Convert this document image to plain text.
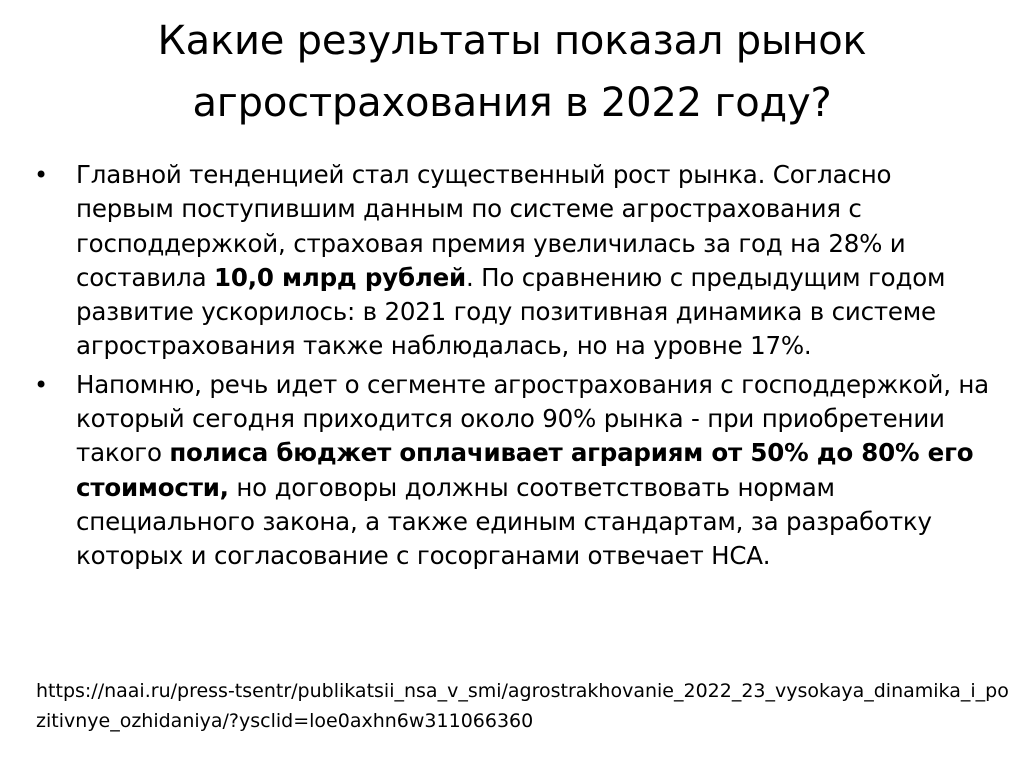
Какие результаты показал рынок агрострахования в 2022 году?
• Главной тенденцией стал существенный рост рынка. Согласно первым поступившим данным по системе агрострахования с господдержкой, страховая премия увеличилась за год на 28% и составила 10,0 млрд рублей. По сравнению с предыдущим годом развитие ускорилось: в 2021 году позитивная динамика в системе агрострахования также наблюдалась, но на уровне 17%.
• Напомню, речь идет о сегменте агрострахования с господдержкой, на который сегодня приходится около 90% рынка - при приобретении такого полиса бюджет оплачивает аграриям от 50% до 80% его стоимости, но договоры должны соответствовать нормам специального закона, а также единым стандартам, за разработку которых и согласование с госорганами отвечает НСА.
https://naai.ru/press-tsentr/publikatsii_nsa_v_smi/agrostrakhovanie_2022_23_vysokaya_dinamika_i_pozitivnye_ozhidaniya/?ysclid=loe0axhn6w311066360
